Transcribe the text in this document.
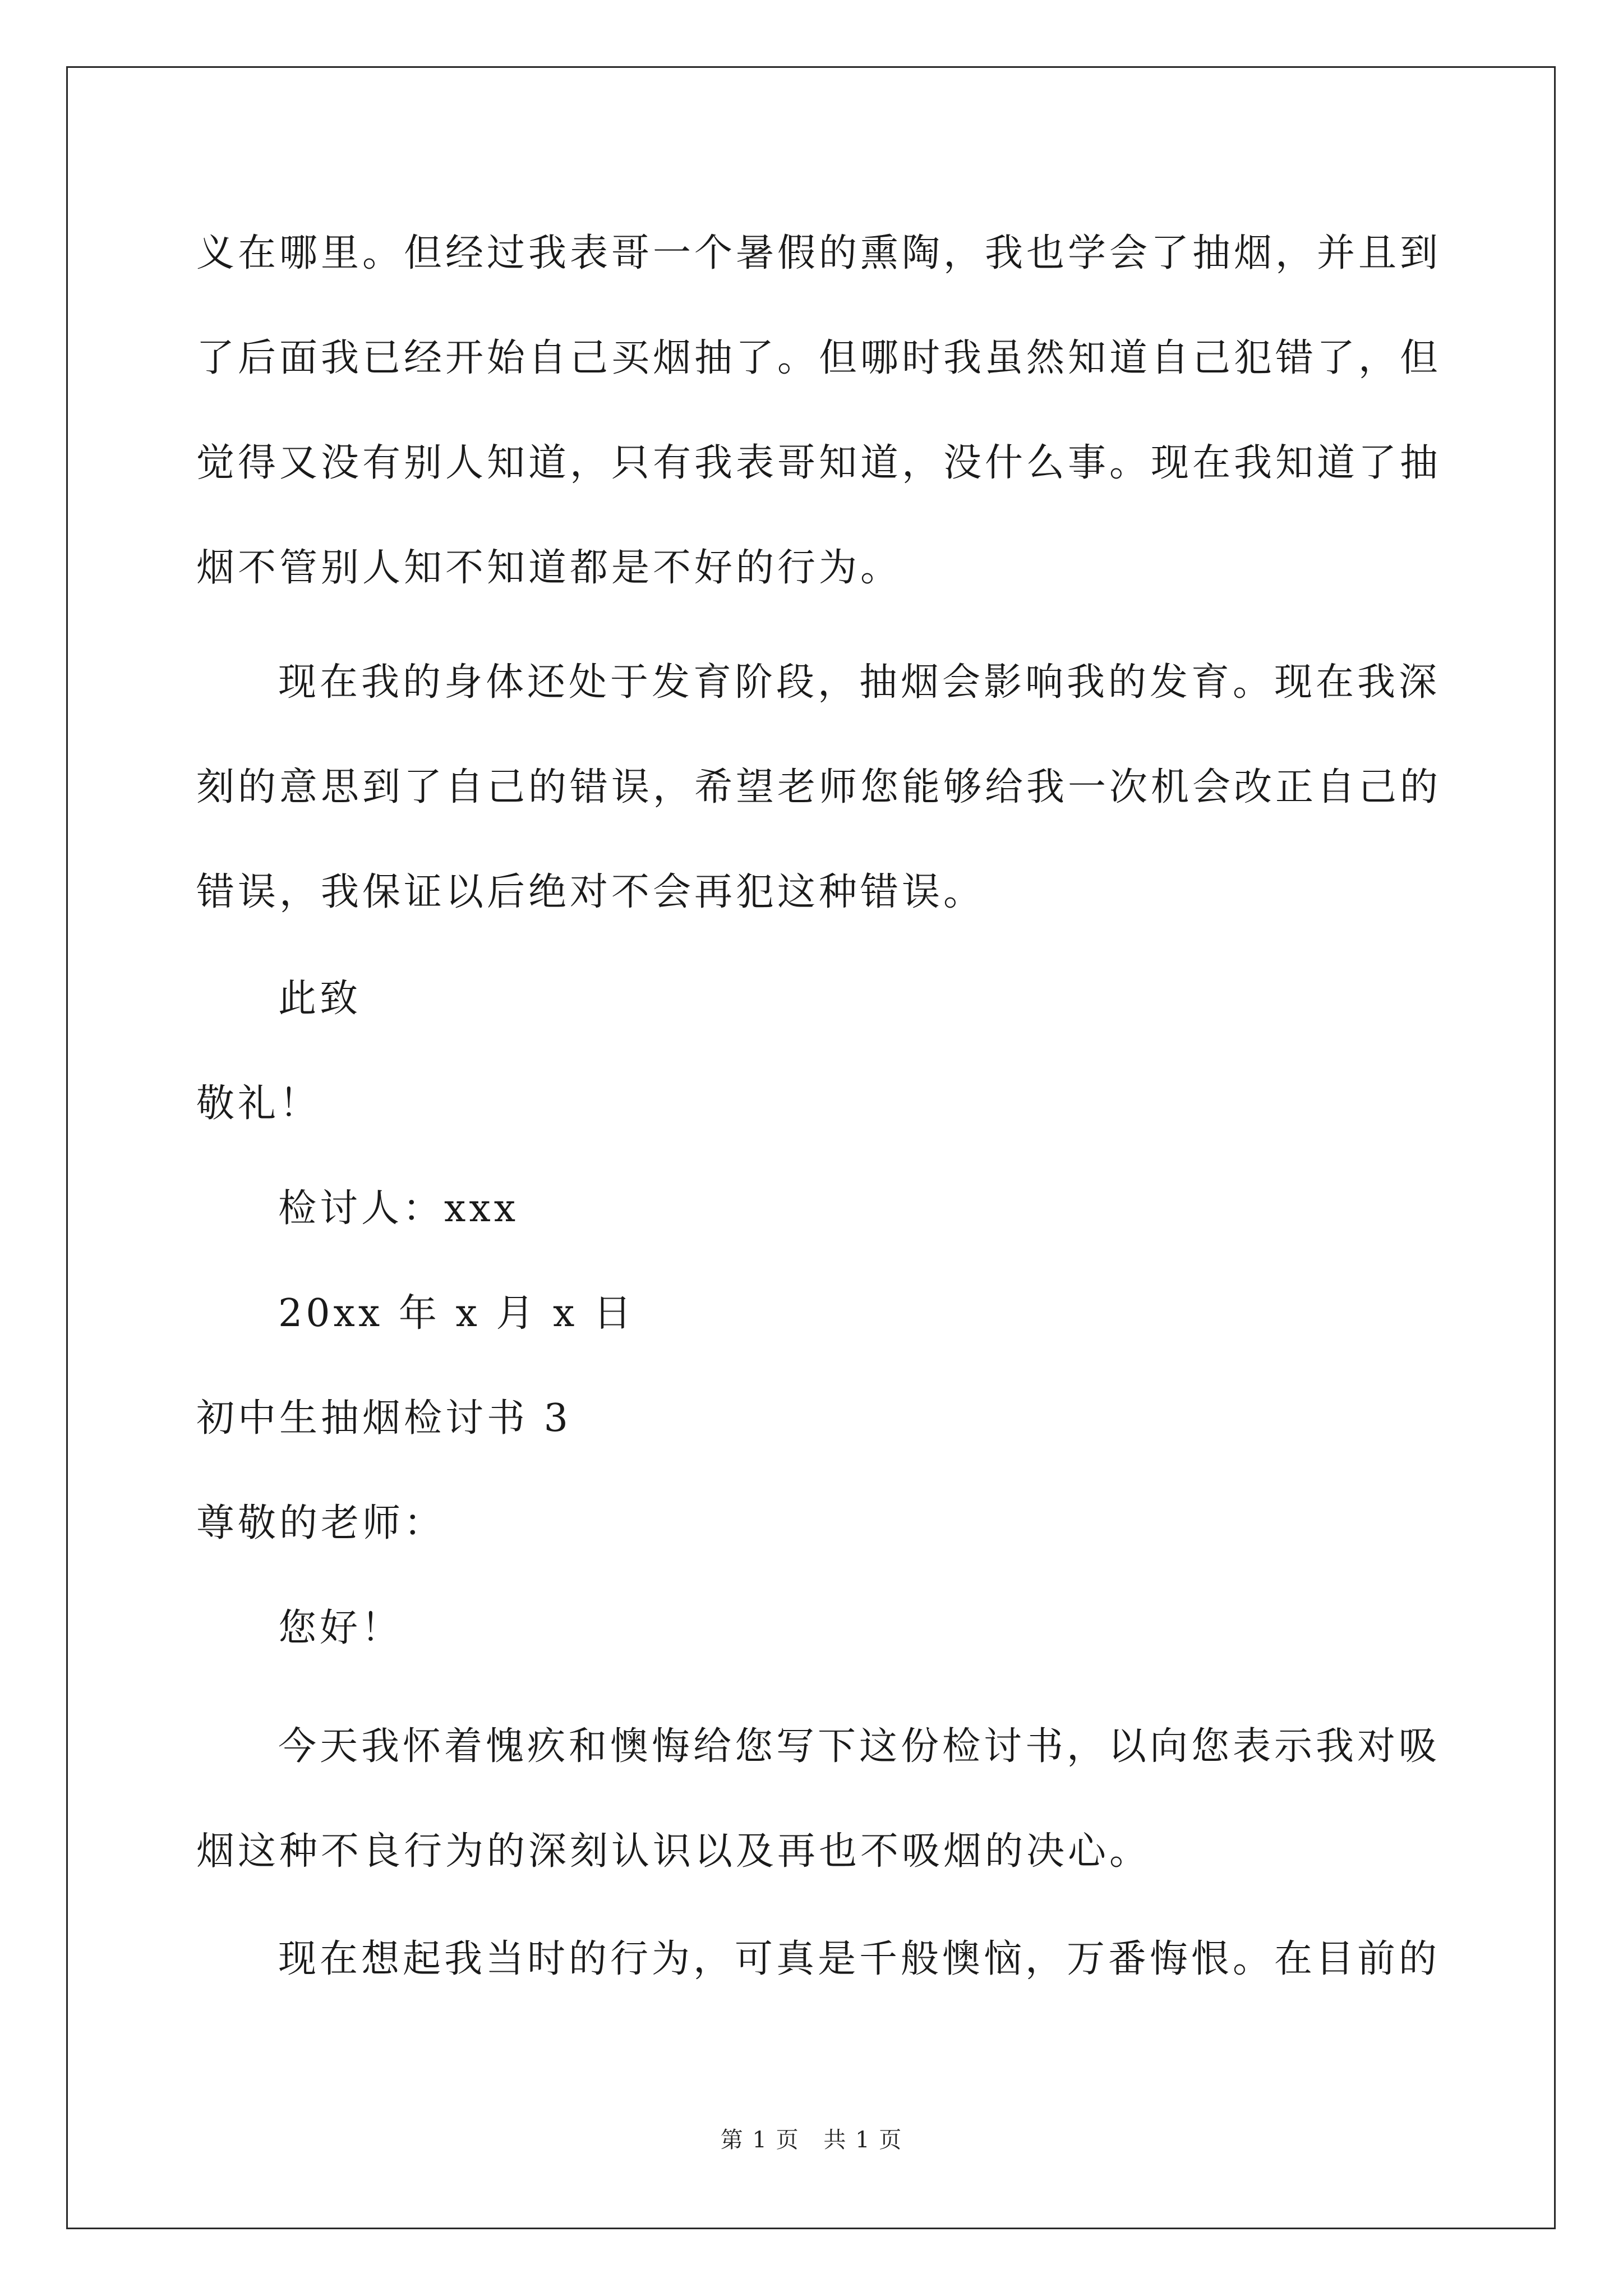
义在哪里。但经过我表哥一个暑假的熏陶，我也学会了抽烟，并且到
了后面我已经开始自己买烟抽了。但哪时我虽然知道自己犯错了，但
觉得又没有别人知道，只有我表哥知道，没什么事。现在我知道了抽
烟不管别人知不知道都是不好的行为。
现在我的身体还处于发育阶段，抽烟会影响我的发育。现在我深
刻的意思到了自己的错误，希望老师您能够给我一次机会改正自己的
错误，我保证以后绝对不会再犯这种错误。
此致
敬礼！
检讨人：xxx
20xx 年 x 月 x 日
初中生抽烟检讨书 3
尊敬的老师：
您好！
今天我怀着愧疚和懊悔给您写下这份检讨书，以向您表示我对吸
烟这种不良行为的深刻认识以及再也不吸烟的决心。
现在想起我当时的行为，可真是千般懊恼，万番悔恨。在目前的
第 1 页 共 1 页
